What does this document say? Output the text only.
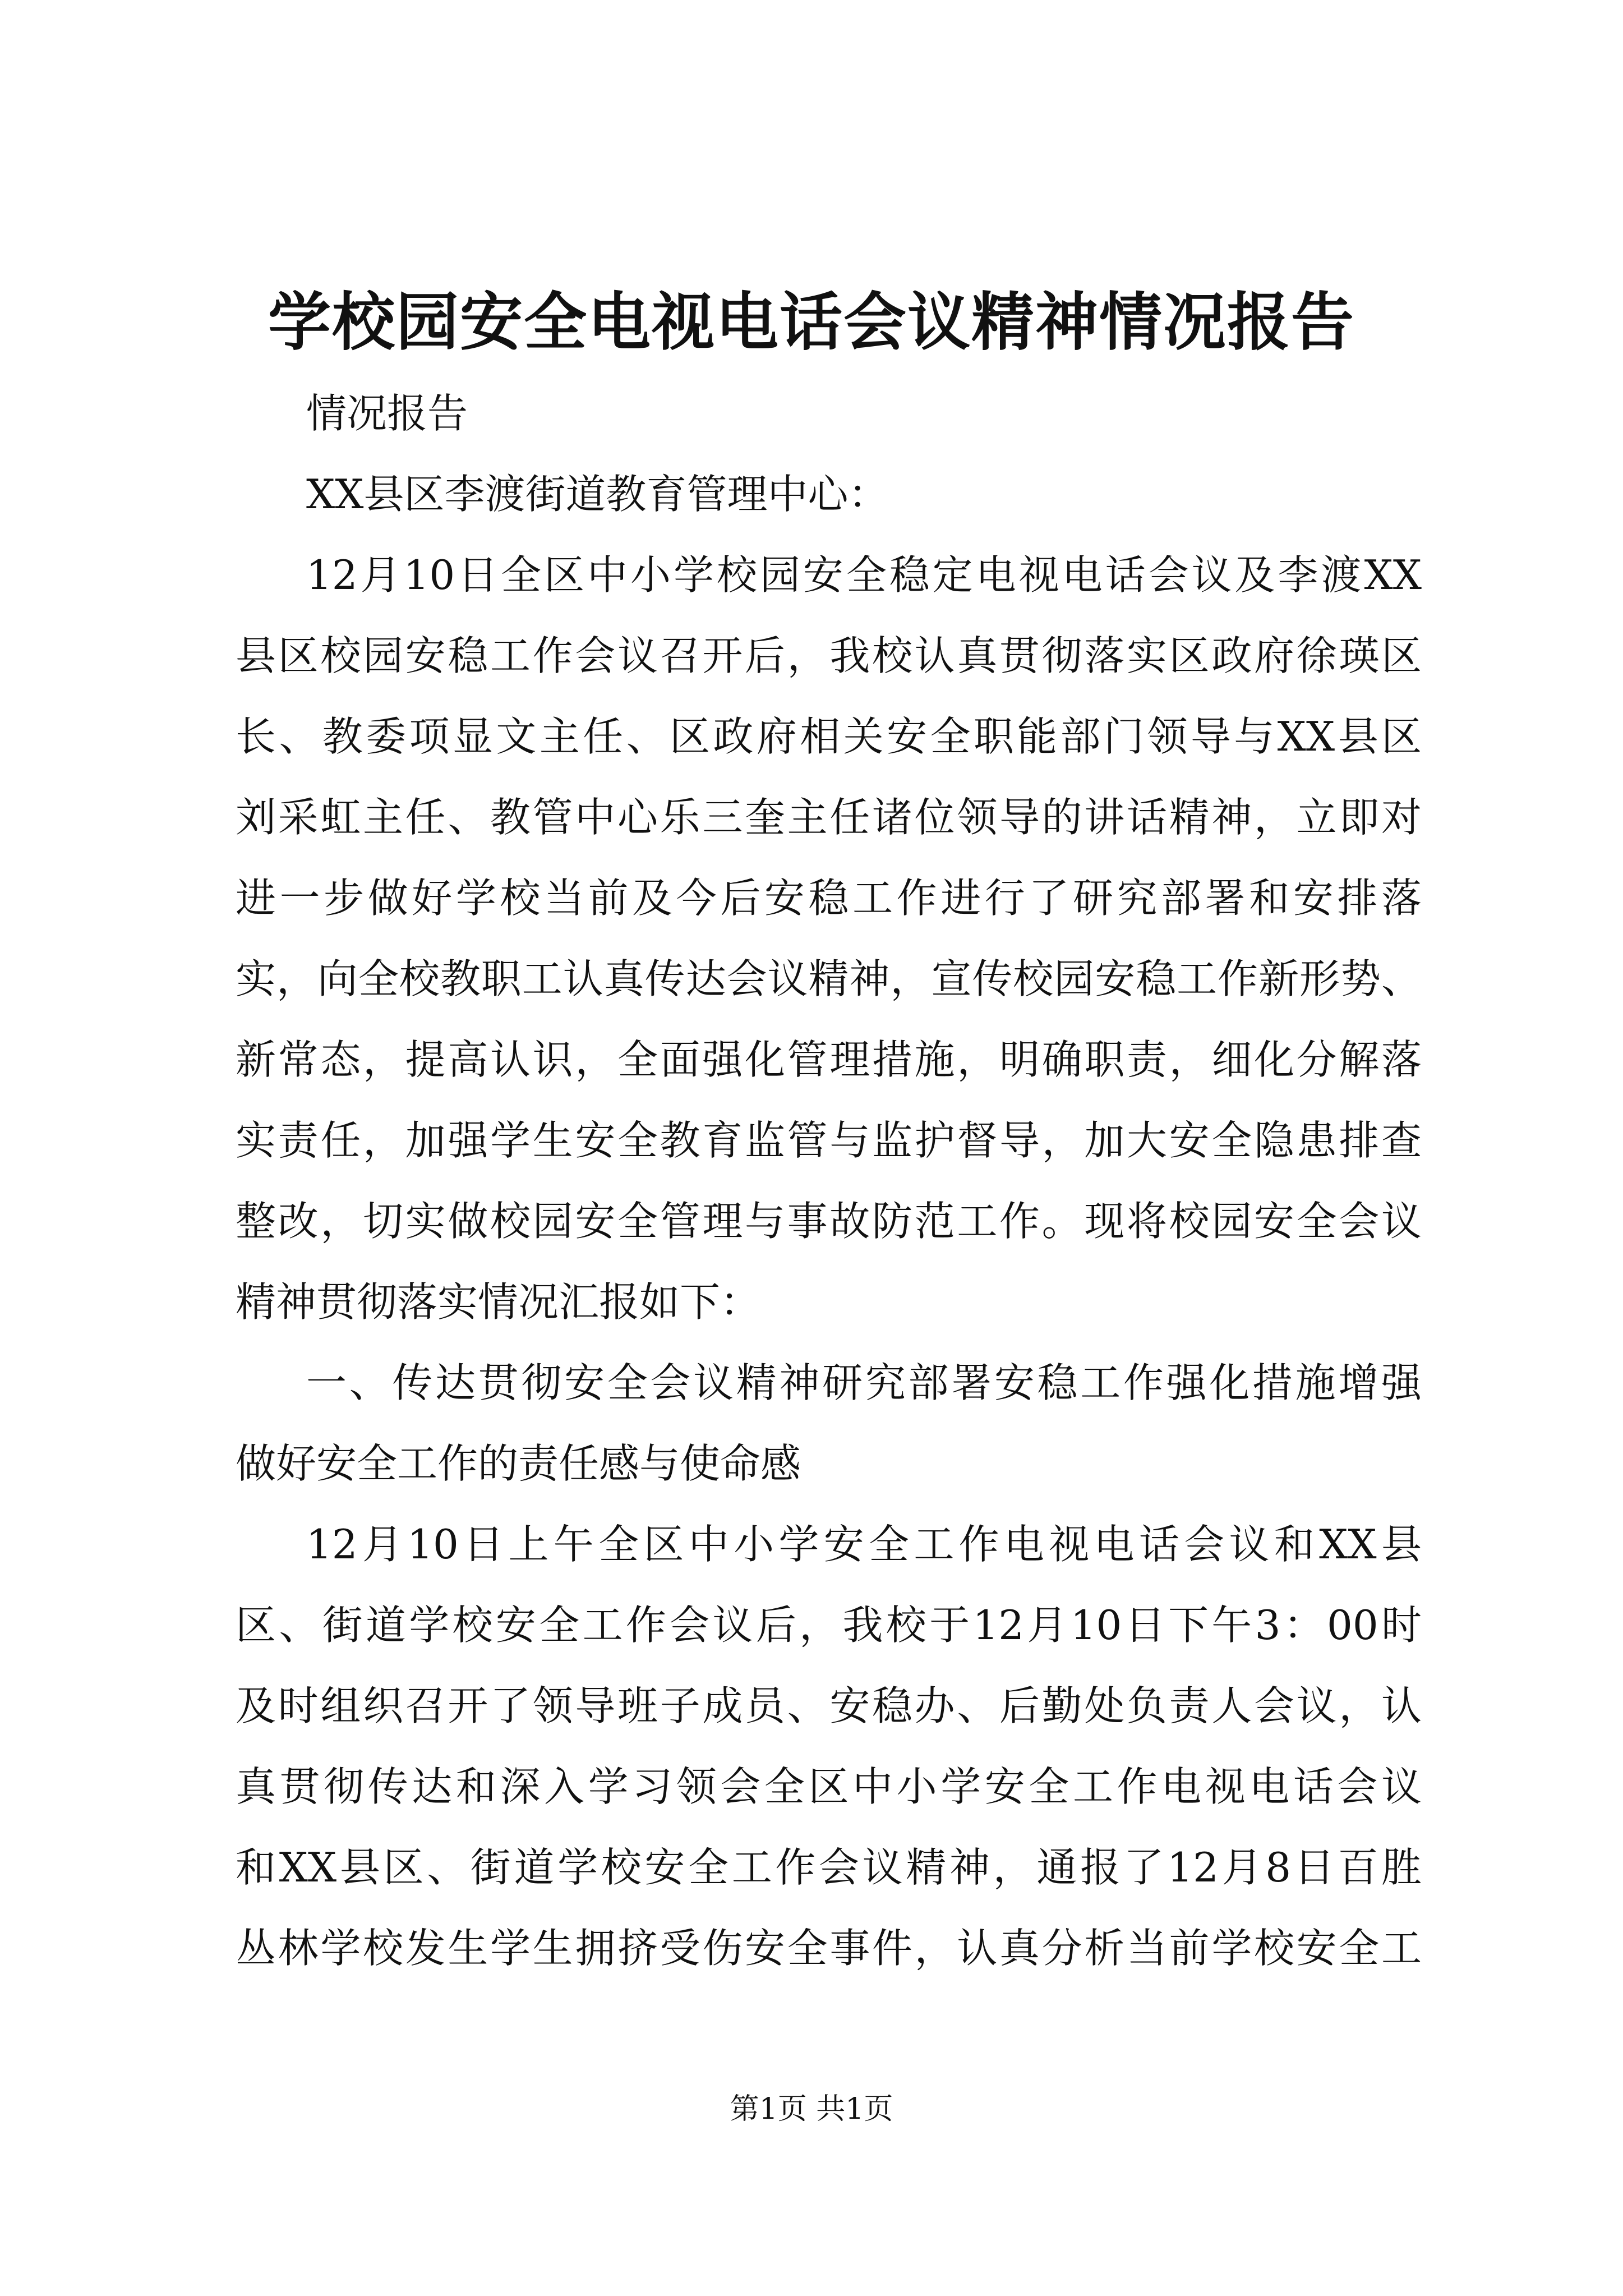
学校园安全电视电话会议精神情况报告
情况报告
XX县区李渡街道教育管理中心：
12月10日全区中小学校园安全稳定电视电话会议及李渡XX
县区校园安稳工作会议召开后，我校认真贯彻落实区政府徐瑛区
长、教委项显文主任、区政府相关安全职能部门领导与XX县区
刘采虹主任、教管中心乐三奎主任诸位领导的讲话精神，立即对
进一步做好学校当前及今后安稳工作进行了研究部署和安排落
实，向全校教职工认真传达会议精神，宣传校园安稳工作新形势、
新常态，提高认识，全面强化管理措施，明确职责，细化分解落
实责任，加强学生安全教育监管与监护督导，加大安全隐患排查
整改，切实做校园安全管理与事故防范工作。现将校园安全会议
精神贯彻落实情况汇报如下：
一、传达贯彻安全会议精神研究部署安稳工作强化措施增强
做好安全工作的责任感与使命感
12月10日上午全区中小学安全工作电视电话会议和XX县
区、街道学校安全工作会议后，我校于12月10日下午3：00时
及时组织召开了领导班子成员、安稳办、后勤处负责人会议，认
真贯彻传达和深入学习领会全区中小学安全工作电视电话会议
和XX县区、街道学校安全工作会议精神，通报了12月8日百胜
丛林学校发生学生拥挤受伤安全事件，认真分析当前学校安全工
第1页 共1页
